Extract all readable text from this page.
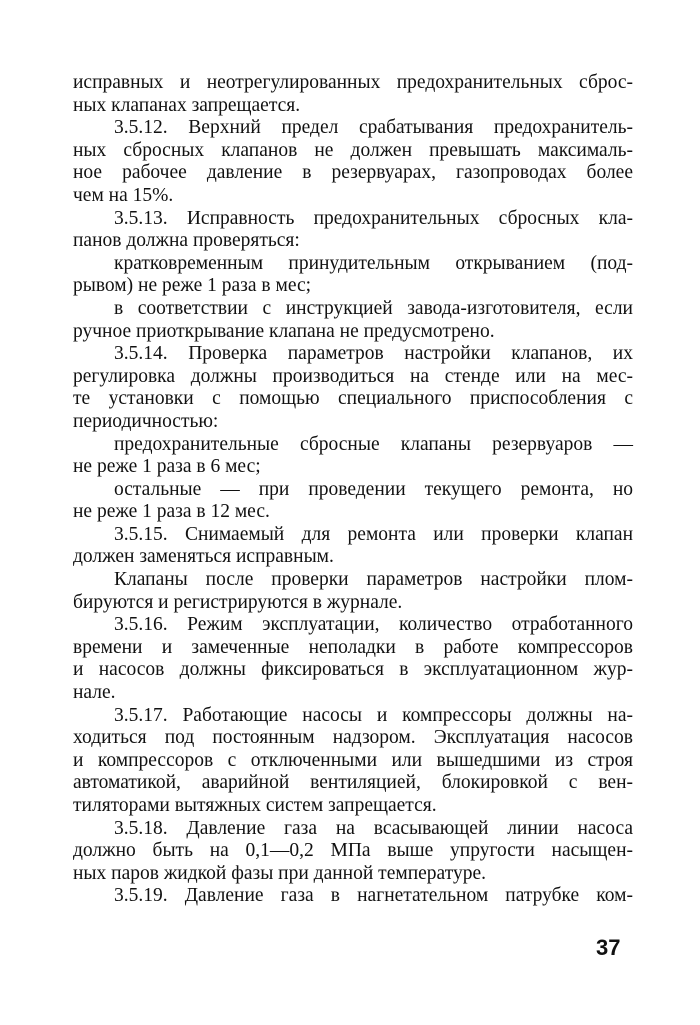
исправных и неотрегулированных предохранительных сброс-
ных клапанах запрещается.
3.5.12. Верхний предел срабатывания предохранитель-
ных сбросных клапанов не должен превышать максималь-
ное рабочее давление в резервуарах, газопроводах более
чем на 15%.
3.5.13. Исправность предохранительных сбросных кла-
панов должна проверяться:
кратковременным принудительным открыванием (под-
рывом) не реже 1 раза в мес;
в соответствии с инструкцией завода-изготовителя, если
ручное приоткрывание клапана не предусмотрено.
3.5.14. Проверка параметров настройки клапанов, их
регулировка должны производиться на стенде или на мес-
те установки с помощью специального приспособления с
периодичностью:
предохранительные сбросные клапаны резервуаров —
не реже 1 раза в 6 мес;
остальные — при проведении текущего ремонта, но
не реже 1 раза в 12 мес.
3.5.15. Снимаемый для ремонта или проверки клапан
должен заменяться исправным.
Клапаны после проверки параметров настройки плом-
бируются и регистрируются в журнале.
3.5.16. Режим эксплуатации, количество отработанного
времени и замеченные неполадки в работе компрессоров
и насосов должны фиксироваться в эксплуатационном жур-
нале.
3.5.17. Работающие насосы и компрессоры должны на-
ходиться под постоянным надзором. Эксплуатация насосов
и компрессоров с отключенными или вышедшими из строя
автоматикой, аварийной вентиляцией, блокировкой с вен-
тиляторами вытяжных систем запрещается.
3.5.18. Давление газа на всасывающей линии насоса
должно быть на 0,1—0,2 МПа выше упругости насыщен-
ных паров жидкой фазы при данной температуре.
3.5.19. Давление газа в нагнетательном патрубке ком-
37
